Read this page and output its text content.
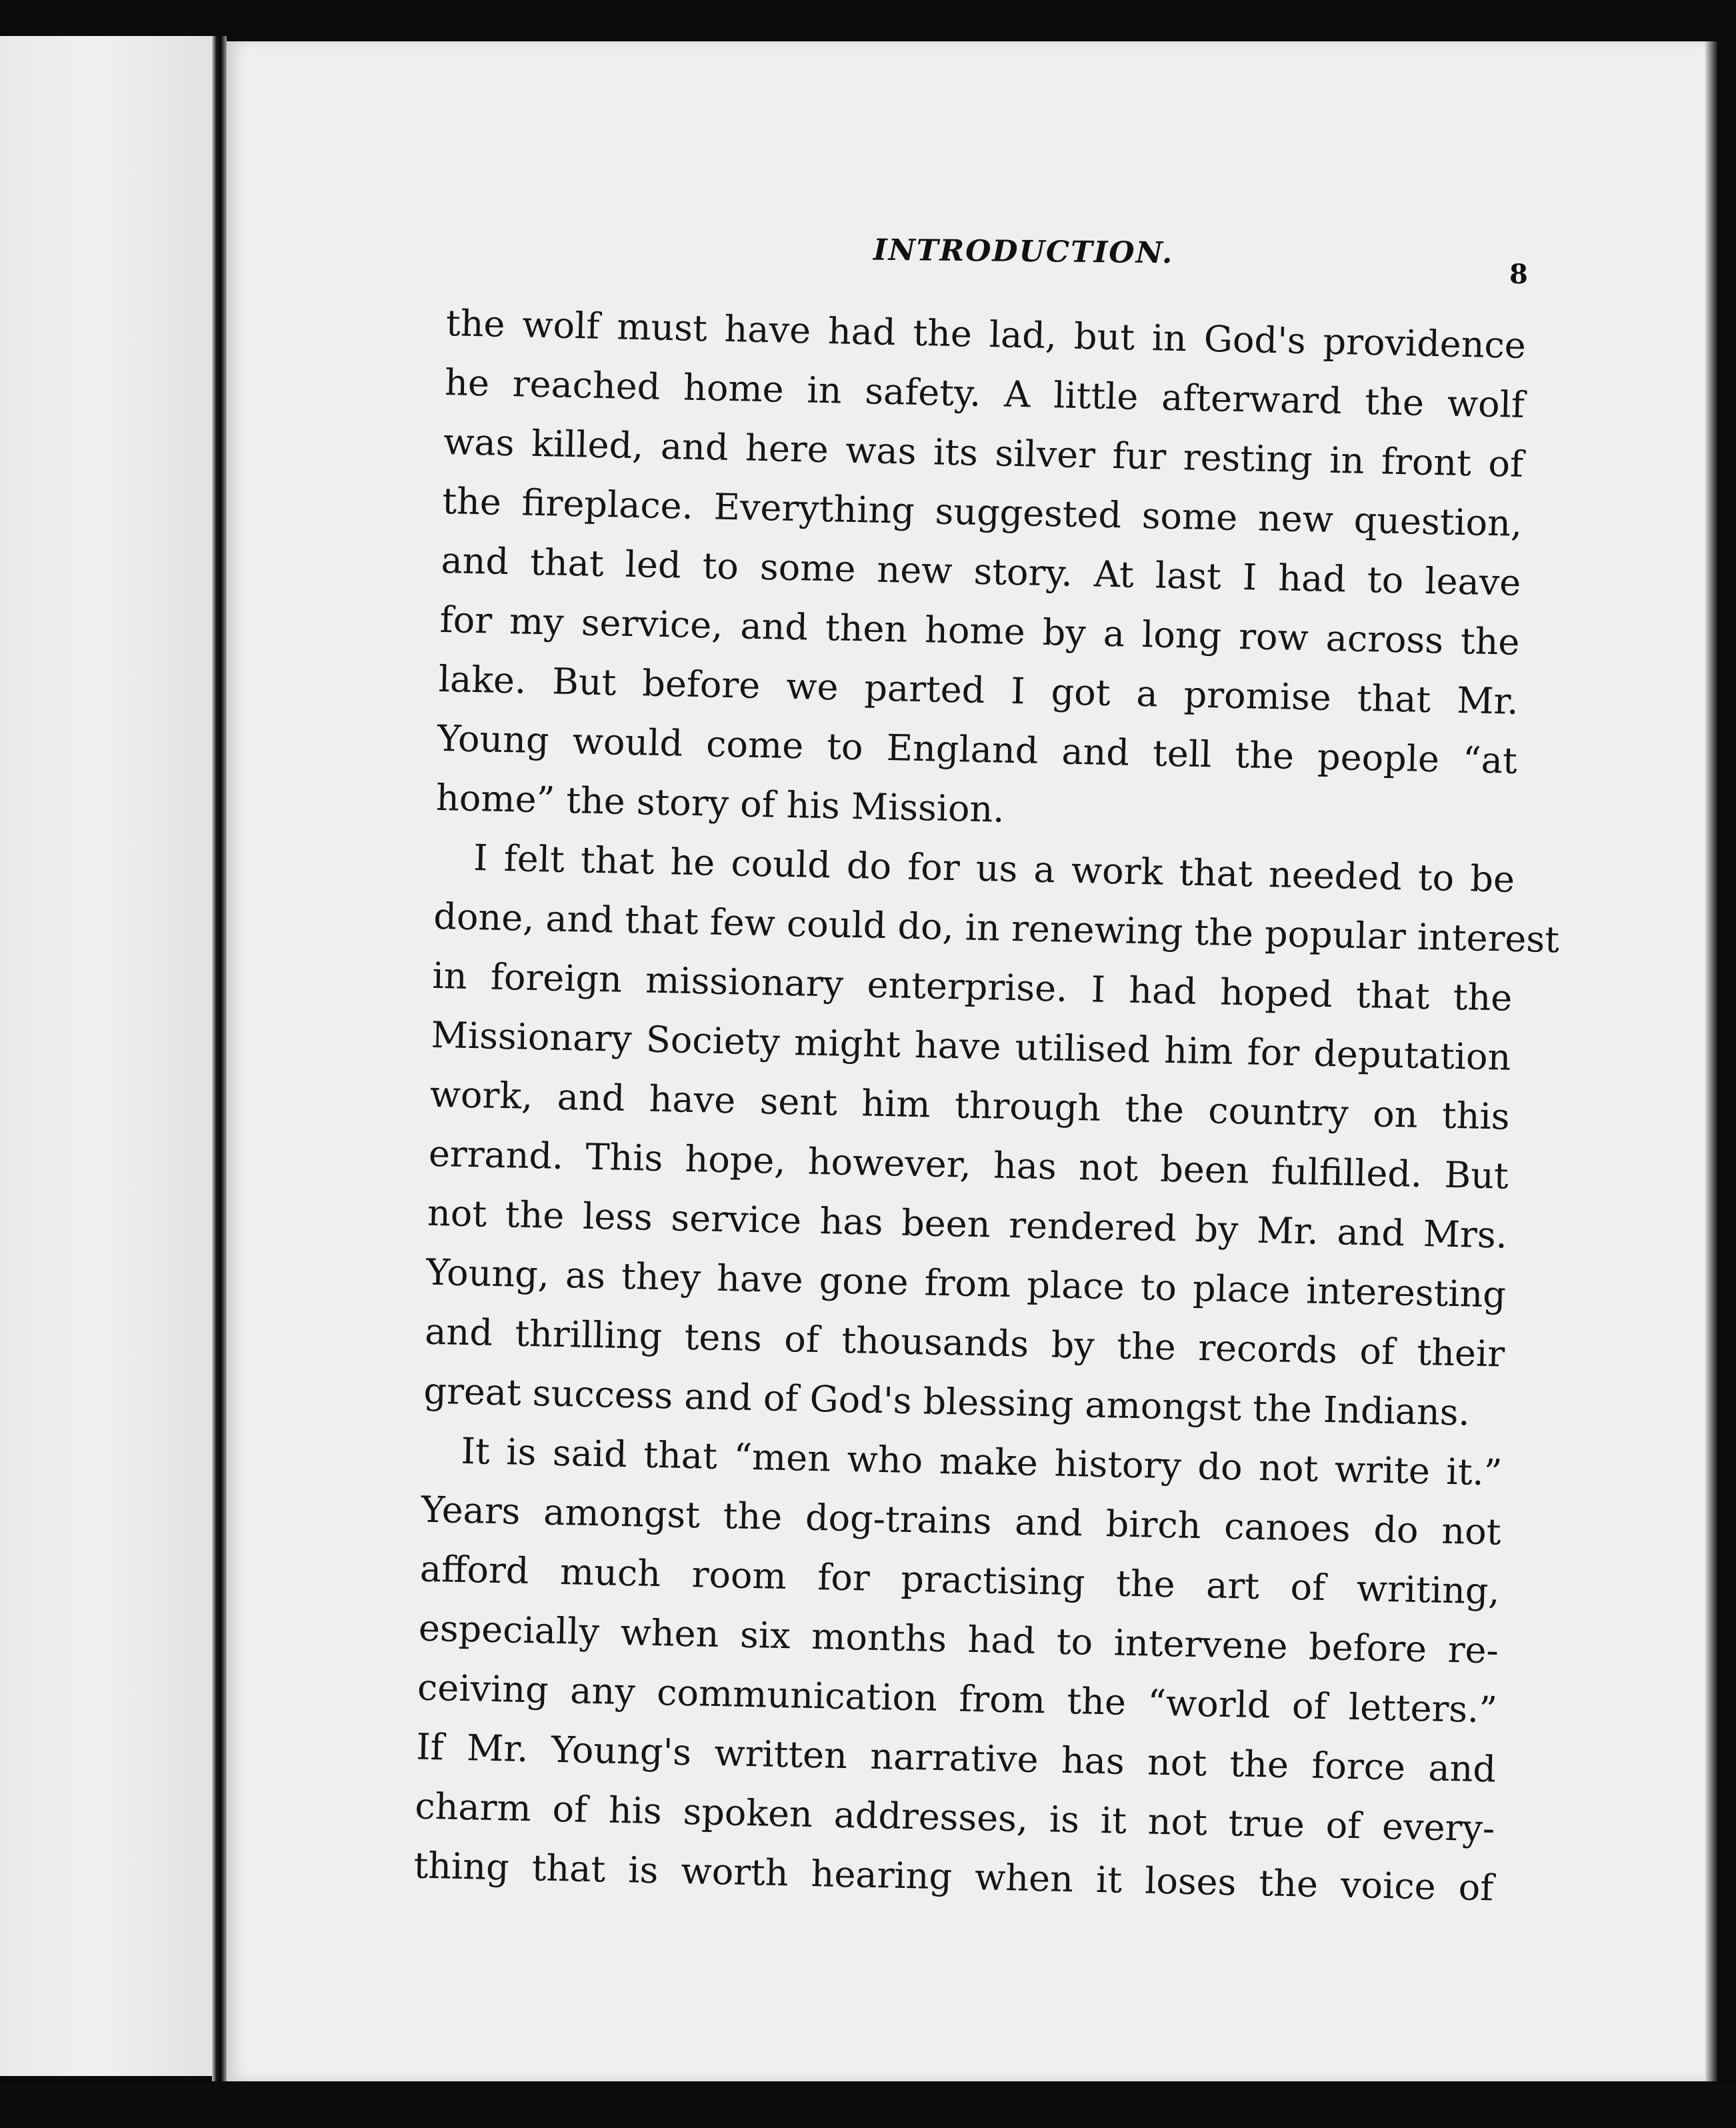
INTRODUCTION.
8

the wolf must have had the lad, but in God's providence
he reached home in safety. A little afterward the wolf
was killed, and here was its silver fur resting in front of
the fireplace. Everything suggested some new question,
and that led to some new story. At last I had to leave
for my service, and then home by a long row across the
lake. But before we parted I got a promise that Mr.
Young would come to England and tell the people “at
home” the story of his Mission.

I felt that he could do for us a work that needed to be
done, and that few could do, in renewing the popular interest
in foreign missionary enterprise. I had hoped that the
Missionary Society might have utilised him for deputation
work, and have sent him through the country on this
errand. This hope, however, has not been fulfilled. But
not the less service has been rendered by Mr. and Mrs.
Young, as they have gone from place to place interesting
and thrilling tens of thousands by the records of their
great success and of God's blessing amongst the Indians.

It is said that “men who make history do not write it.”
Years amongst the dog-trains and birch canoes do not
afford much room for practising the art of writing,
especially when six months had to intervene before re-
ceiving any communication from the “world of letters.”
If Mr. Young's written narrative has not the force and
charm of his spoken addresses, is it not true of every-
thing that is worth hearing when it loses the voice of
